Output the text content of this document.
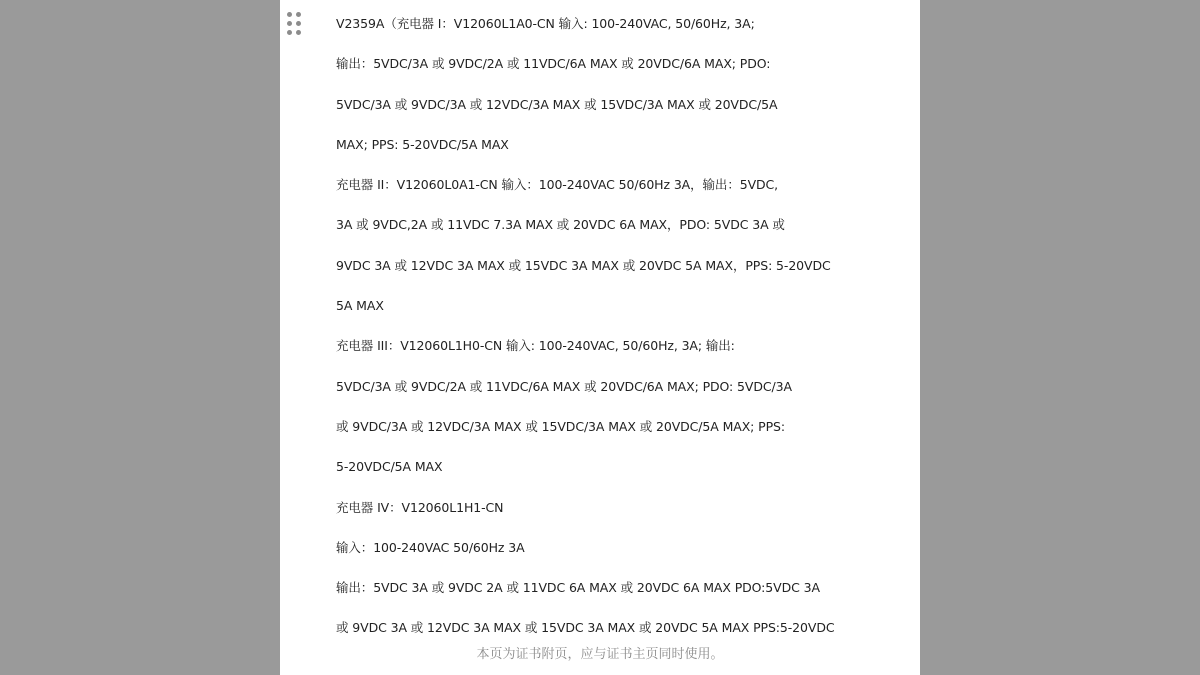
V2359A（充电器 I：V12060L1A0-CN 输入: 100-240VAC, 50/60Hz, 3A;
输出：5VDC/3A 或 9VDC/2A 或 11VDC/6A MAX 或 20VDC/6A MAX; PDO:
5VDC/3A 或 9VDC/3A 或 12VDC/3A MAX 或 15VDC/3A MAX 或 20VDC/5A
MAX; PPS: 5-20VDC/5A MAX
充电器 II：V12060L0A1-CN 输入：100-240VAC 50/60Hz 3A，输出：5VDC,
3A 或 9VDC,2A 或 11VDC 7.3A MAX 或 20VDC 6A MAX，PDO: 5VDC 3A 或
9VDC 3A 或 12VDC 3A MAX 或 15VDC 3A MAX 或 20VDC 5A MAX，PPS: 5-20VDC
5A MAX
充电器 III：V12060L1H0-CN 输入: 100-240VAC, 50/60Hz, 3A; 输出:
5VDC/3A 或 9VDC/2A 或 11VDC/6A MAX 或 20VDC/6A MAX; PDO: 5VDC/3A
或 9VDC/3A 或 12VDC/3A MAX 或 15VDC/3A MAX 或 20VDC/5A MAX; PPS:
5-20VDC/5A MAX
充电器 IV：V12060L1H1-CN
输入：100-240VAC 50/60Hz 3A
输出：5VDC 3A 或 9VDC 2A 或 11VDC 6A MAX 或 20VDC 6A MAX PDO:5VDC 3A
或 9VDC 3A 或 12VDC 3A MAX 或 15VDC 3A MAX 或 20VDC 5A MAX PPS:5-20VDC
本页为证书附页，应与证书主页同时使用。
